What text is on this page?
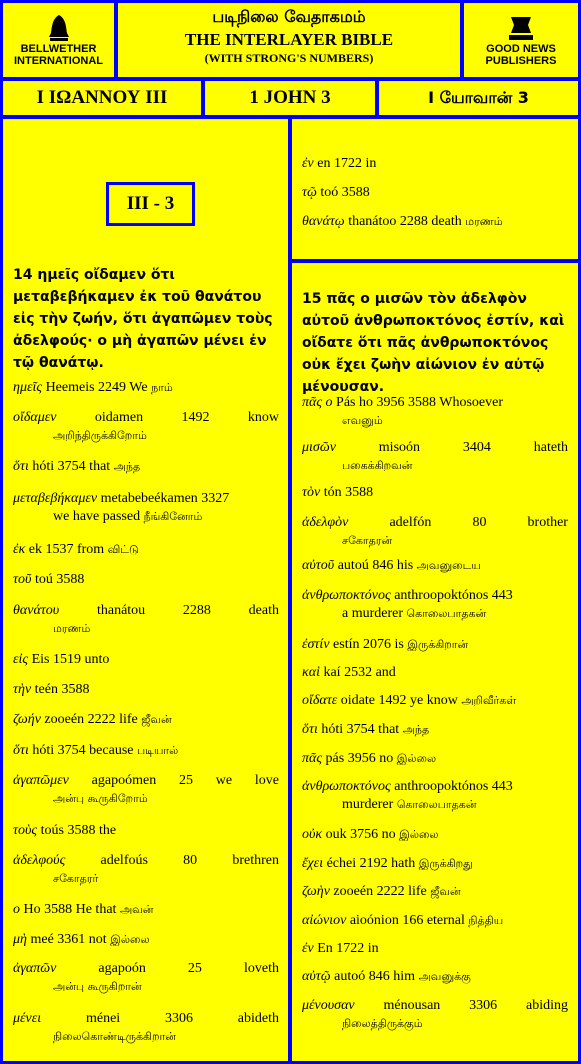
BELLWETHER INTERNATIONAL
படிநிலை வேதாகமம்
THE INTERLAYER BIBLE
(WITH STRONG'S NUMBERS)
GOOD NEWS PUBLISHERS
I ΙΩΑΝΝΟΥ III	1 JOHN 3	I யோவான் 3
III - 3
14 ημεῖς οἴδαμεν ὅτι μεταβεβήκαμεν ἐκ τοῦ θανάτου εἰς τὴν ζωήν, ὅτι ἀγαπῶμεν τοὺς ἀδελφούς· ο μὴ ἀγαπῶν μένει ἐν τῷ θανάτῳ.
ημεῖς Heemeis 2249 We நாம்
οἴδαμεν	oidamen	1492	know
அறிந்திருக்கிறோம்
ὅτι hóti 3754 that அந்த
μεταβεβήκαμεν metabebeékamen 3327
we have passed நீங்கினோம்
ἐκ ek 1537 from விட்டு
τοῦ toú 3588
θανάτου	thanátou	2288	death
மரணம்
εἰς Eis 1519 unto
τὴν teén 3588
ζωήν zooeén 2222 life ஜீவன்
ὅτι hóti 3754 because படியால்
ἀγαπῶμεν agapoómen 25 we love
அன்பு கூருகிறோம்
τοὺς toús 3588 the
ἀδελφούς	adelfoús	80	brethren
சகோதரர்
ο Ho 3588 He that அவன்
μὴ meé 3361 not இல்லை
ἀγαπῶν	agapoón	25	loveth
அன்பு கூருகிறான்
μένει	ménei	3306	abideth
நிலைகொண்டிருக்கிறான்
ἐν en 1722 in
τῷ toó 3588
θανάτῳ thanátoo 2288 death மரணம்
15 πᾶς ο μισῶν τὸν ἀδελφὸν αὐτοῦ ἀνθρωποκτόνος ἐστίν, καὶ οἴδατε ὅτι πᾶς ἀνθρωποκτόνος οὐκ ἔχει ζωὴν αἰώνιον ἐν αὐτῷ μένουσαν.
πᾶς ο Pás ho 3956 3588 Whosoever
எவனும்
μισῶν	misoón	3404	hateth
பகைக்கிறவன்
τὸν tón 3588
ἀδελφὸν	adelfón	80	brother
சகோதரன்
αὐτοῦ autoú 846 his அவனுடைய
ἀνθρωποκτόνος anthroopoktónos 443
a murderer கொலைபாதகன்
ἐστίν estín 2076 is இருக்கிறான்
καὶ kaí 2532 and
οἴδατε oidate 1492 ye know அறிவீர்கள்
ὅτι hóti 3754 that அந்த
πᾶς pás 3956 no இல்லை
ἀνθρωποκτόνος anthroopoktónos 443
murderer கொலைபாதகன்
οὐκ ouk 3756 no இல்லை
ἔχει échei 2192 hath இருக்கிறது
ζωὴν zooeén 2222 life ஜீவன்
αἰώνιον aioónion 166 eternal நித்திய
ἐν En 1722 in
αὐτῷ autoó 846 him அவனுக்கு
μένουσαν ménousan 3306 abiding
நிலைத்திருக்கும்
